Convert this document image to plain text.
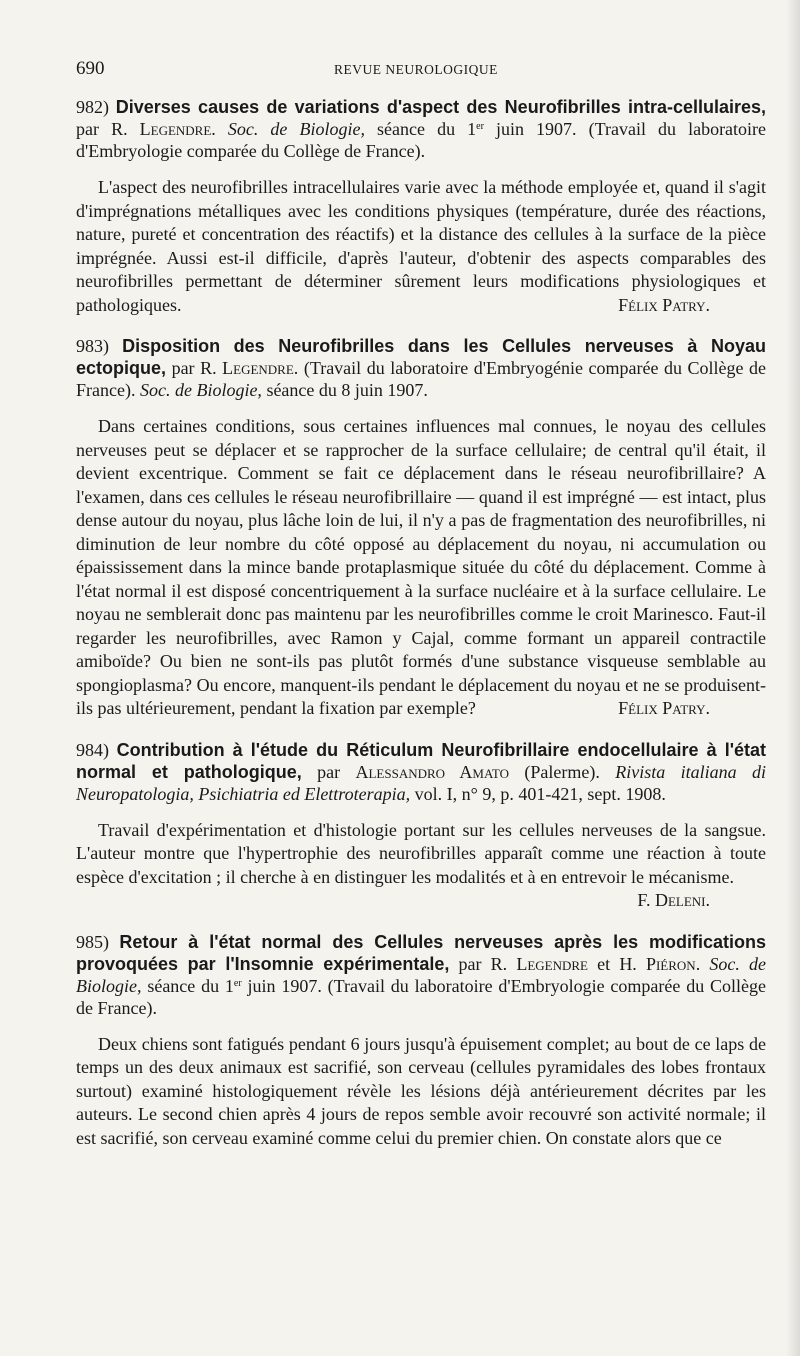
690	REVUE NEUROLOGIQUE
982) Diverses causes de variations d'aspect des Neurofibrilles intra-cellulaires, par R. Legendre. Soc. de Biologie, séance du 1er juin 1907. (Travail du laboratoire d'Embryologie comparée du Collège de France).
L'aspect des neurofibrilles intracellulaires varie avec la méthode employée et, quand il s'agit d'imprégnations métalliques avec les conditions physiques (température, durée des réactions, nature, pureté et concentration des réactifs) et la distance des cellules à la surface de la pièce imprégnée. Aussi est-il difficile, d'après l'auteur, d'obtenir des aspects comparables des neurofibrilles permettant de déterminer sûrement leurs modifications physiologiques et pathologiques.	Félix Patry.
983) Disposition des Neurofibrilles dans les Cellules nerveuses à Noyau ectopique, par R. Legendre. (Travail du laboratoire d'Embryogénie comparée du Collège de France). Soc. de Biologie, séance du 8 juin 1907.
Dans certaines conditions, sous certaines influences mal connues, le noyau des cellules nerveuses peut se déplacer et se rapprocher de la surface cellulaire; de central qu'il était, il devient excentrique. Comment se fait ce déplacement dans le réseau neurofibrillaire? A l'examen, dans ces cellules le réseau neurofibrillaire — quand il est imprégné — est intact, plus dense autour du noyau, plus lâche loin de lui, il n'y a pas de fragmentation des neurofibrilles, ni diminution de leur nombre du côté opposé au déplacement du noyau, ni accumulation ou épaississement dans la mince bande protaplasmique située du côté du déplacement. Comme à l'état normal il est disposé concentriquement à la surface nucléaire et à la surface cellulaire. Le noyau ne semblerait donc pas maintenu par les neurofibrilles comme le croit Marinesco. Faut-il regarder les neurofibrilles, avec Ramon y Cajal, comme formant un appareil contractile amiboïde? Ou bien ne sont-ils pas plutôt formés d'une substance visqueuse semblable au spongioplasma? Ou encore, manquent-ils pendant le déplacement du noyau et ne se produisent-ils pas ultérieurement, pendant la fixation par exemple?	Félix Patry.
984) Contribution à l'étude du Réticulum Neurofibrillaire endocellulaire à l'état normal et pathologique, par Alessandro Amato (Palerme). Rivista italiana di Neuropatologia, Psichiatria ed Elettroterapia, vol. I, n° 9, p. 401-421, sept. 1908.
Travail d'expérimentation et d'histologie portant sur les cellules nerveuses de la sangsue. L'auteur montre que l'hypertrophie des neurofibrilles apparaît comme une réaction à toute espèce d'excitation ; il cherche à en distinguer les modalités et à en entrevoir le mécanisme.
F. Deleni.
985) Retour à l'état normal des Cellules nerveuses après les modifications provoquées par l'Insomnie expérimentale, par R. Legendre et H. Piéron. Soc. de Biologie, séance du 1er juin 1907. (Travail du laboratoire d'Embryologie comparée du Collège de France).
Deux chiens sont fatigués pendant 6 jours jusqu'à épuisement complet; au bout de ce laps de temps un des deux animaux est sacrifié, son cerveau (cellules pyramidales des lobes frontaux surtout) examiné histologiquement révèle les lésions déjà antérieurement décrites par les auteurs. Le second chien après 4 jours de repos semble avoir recouvré son activité normale; il est sacrifié, son cerveau examiné comme celui du premier chien. On constate alors que ce
